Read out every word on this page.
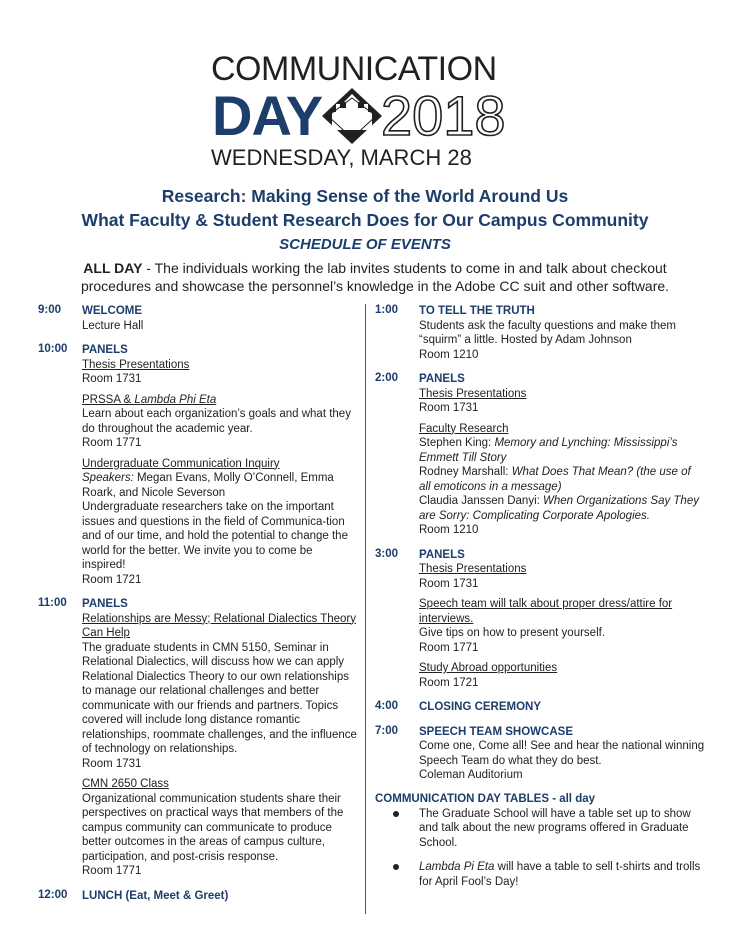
COMMUNICATION
DAY 2018
WEDNESDAY, MARCH 28
Research: Making Sense of the World Around Us
What Faculty & Student Research Does for Our Campus Community
SCHEDULE OF EVENTS
ALL DAY - The individuals working the lab invites students to come in and talk about checkout procedures and showcase the personnel’s knowledge in the Adobe CC suit and other software.
9:00 WELCOME
Lecture Hall
10:00 PANELS
Thesis Presentations
Room 1731
PRSSA & Lambda Phi Eta
Learn about each organization’s goals and what they do throughout the academic year.
Room 1771
Undergraduate Communication Inquiry
Speakers: Megan Evans, Molly O’Connell, Emma Roark, and Nicole Severson
Undergraduate researchers take on the important issues and questions in the field of Communica-tion and of our time, and hold the potential to change the world for the better. We invite you to come be inspired!
Room 1721
11:00 PANELS
Relationships are Messy; Relational Dialectics Theory Can Help
The graduate students in CMN 5150, Seminar in Relational Dialectics, will discuss how we can apply Relational Dialectics Theory to our own relationships to manage our relational challenges and better communicate with our friends and partners. Topics covered will include long distance romantic relationships, roommate challenges, and the influence of technology on relationships.
Room 1731
CMN 2650 Class
Organizational communication students share their perspectives on practical ways that members of the campus community can communicate to produce better outcomes in the areas of campus culture, participation, and post-crisis response.
Room 1771
12:00 LUNCH (Eat, Meet & Greet)
1:00 TO TELL THE TRUTH
Students ask the faculty questions and make them “squirm” a little. Hosted by Adam Johnson
Room 1210
2:00 PANELS
Thesis Presentations
Room 1731
Faculty Research
Stephen King: Memory and Lynching: Mississippi’s Emmett Till Story
Rodney Marshall: What Does That Mean? (the use of all emoticons in a message)
Claudia Janssen Danyi: When Organizations Say They are Sorry: Complicating Corporate Apologies.
Room 1210
3:00 PANELS
Thesis Presentations
Room 1731
Speech team will talk about proper dress/attire for interviews.
Give tips on how to present yourself.
Room 1771
Study Abroad opportunities
Room 1721
4:00 CLOSING CEREMONY
7:00 SPEECH TEAM SHOWCASE
Come one, Come all! See and hear the national winning Speech Team do what they do best.
Coleman Auditorium
COMMUNICATION DAY TABLES - all day
The Graduate School will have a table set up to show and talk about the new programs offered in Graduate School.
Lambda Pi Eta will have a table to sell t-shirts and trolls for April Fool’s Day!
